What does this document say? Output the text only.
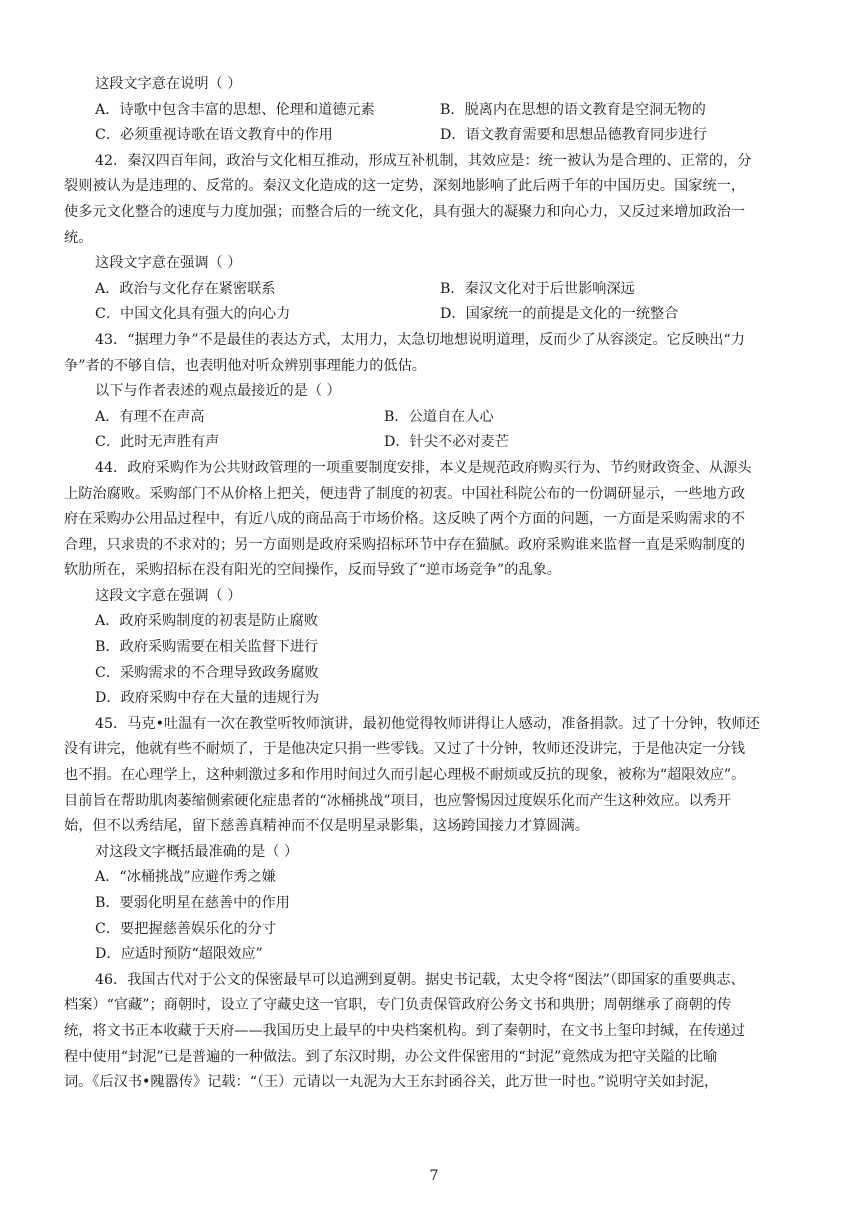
这段文字意在说明（ ）
A．诗歌中包含丰富的思想、伦理和道德元素	B．脱离内在思想的语文教育是空洞无物的
C．必须重视诗歌在语文教育中的作用	D．语文教育需要和思想品德教育同步进行
42．秦汉四百年间，政治与文化相互推动，形成互补机制，其效应是：统一被认为是合理的、正常的，分
裂则被认为是违理的、反常的。秦汉文化造成的这一定势，深刻地影响了此后两千年的中国历史。国家统一，
使多元文化整合的速度与力度加强；而整合后的一统文化，具有强大的凝聚力和向心力，又反过来增加政治一
统。
这段文字意在强调（ ）
A．政治与文化存在紧密联系	B．秦汉文化对于后世影响深远
C．中国文化具有强大的向心力	D．国家统一的前提是文化的一统整合
43．“据理力争”不是最佳的表达方式，太用力，太急切地想说明道理，反而少了从容淡定。它反映出“力
争”者的不够自信，也表明他对听众辨别事理能力的低估。
以下与作者表述的观点最接近的是（ ）
A．有理不在声高	B．公道自在人心
C．此时无声胜有声	D．针尖不必对麦芒
44．政府采购作为公共财政管理的一项重要制度安排，本义是规范政府购买行为、节约财政资金、从源头
上防治腐败。采购部门不从价格上把关，便违背了制度的初衷。中国社科院公布的一份调研显示，一些地方政
府在采购办公用品过程中，有近八成的商品高于市场价格。这反映了两个方面的问题，一方面是采购需求的不
合理，只求贵的不求对的；另一方面则是政府采购招标环节中存在猫腻。政府采购谁来监督一直是采购制度的
软肋所在，采购招标在没有阳光的空间操作，反而导致了“逆市场竞争”的乱象。
这段文字意在强调（ ）
A．政府采购制度的初衷是防止腐败
B．政府采购需要在相关监督下进行
C．采购需求的不合理导致政务腐败
D．政府采购中存在大量的违规行为
45．马克•吐温有一次在教堂听牧师演讲，最初他觉得牧师讲得让人感动，准备捐款。过了十分钟，牧师还
没有讲完，他就有些不耐烦了，于是他决定只捐一些零钱。又过了十分钟，牧师还没讲完，于是他决定一分钱
也不捐。在心理学上，这种刺激过多和作用时间过久而引起心理极不耐烦或反抗的现象，被称为“超限效应”。
目前旨在帮助肌肉萎缩侧索硬化症患者的“冰桶挑战”项目，也应警惕因过度娱乐化而产生这种效应。以秀开
始，但不以秀结尾，留下慈善真精神而不仅是明星录影集，这场跨国接力才算圆满。
对这段文字概括最准确的是（ ）
A．“冰桶挑战”应避作秀之嫌
B．要弱化明星在慈善中的作用
C．要把握慈善娱乐化的分寸
D．应适时预防“超限效应”
46．我国古代对于公文的保密最早可以追溯到夏朝。据史书记载，太史令将“图法”（即国家的重要典志、
档案）“官藏”；商朝时，设立了守藏史这一官职，专门负责保管政府公务文书和典册；周朝继承了商朝的传
统，将文书正本收藏于天府——我国历史上最早的中央档案机构。到了秦朝时，在文书上玺印封缄，在传递过
程中使用“封泥”已是普遍的一种做法。到了东汉时期，办公文件保密用的“封泥”竟然成为把守关隘的比喻
词。《后汉书•隗嚣传》记载：“（王）元请以一丸泥为大王东封函谷关，此万世一时也。”说明守关如封泥，
7
